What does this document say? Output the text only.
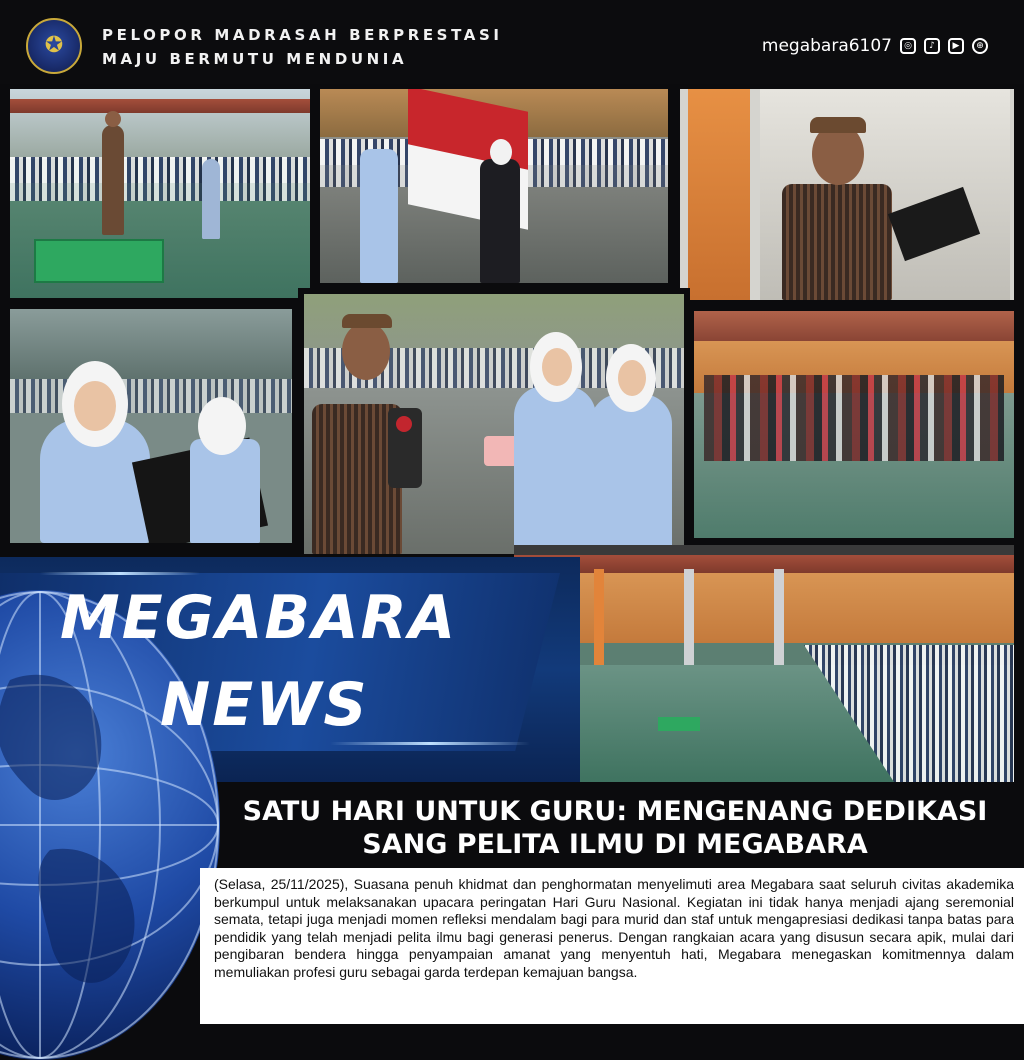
✪	PELOPOR MADRASAH BERPRESTASI
MAJU BERMUTU MENDUNIA
megabara6107	◎	♪	▶	⊕
MEGABARA
NEWS
SATU HARI UNTUK GURU: MENGENANG DEDIKASI
SANG PELITA ILMU DI MEGABARA
(Selasa, 25/11/2025), Suasana penuh khidmat dan penghormatan menyelimuti area Megabara saat seluruh civitas akademika berkumpul untuk melaksanakan upacara peringatan Hari Guru Nasional. Kegiatan ini tidak hanya menjadi ajang seremonial semata, tetapi juga menjadi momen refleksi mendalam bagi para murid dan staf untuk mengapresiasi dedikasi tanpa batas para pendidik yang telah menjadi pelita ilmu bagi generasi penerus. Dengan rangkaian acara yang disusun secara apik, mulai dari pengibaran bendera hingga penyampaian amanat yang menyentuh hati, Megabara menegaskan komitmennya dalam memuliakan profesi guru sebagai garda terdepan kemajuan bangsa.
